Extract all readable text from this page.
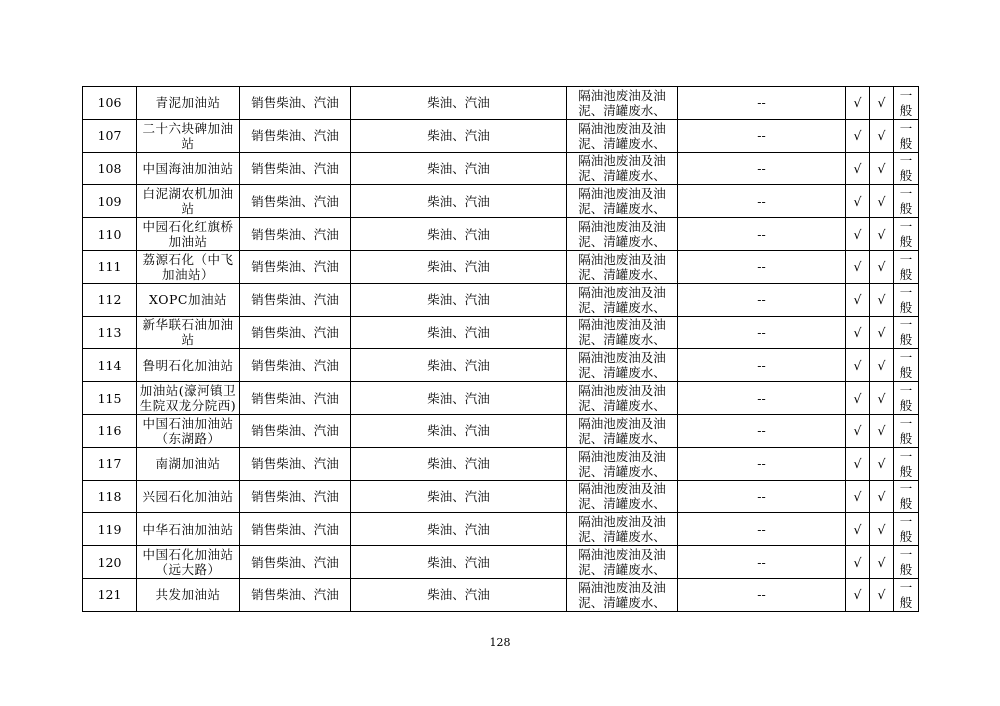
106	青泥加油站	销售柴油、汽油	柴油、汽油	隔油池废油及油泥、清罐废水、	--	√	√	一般
107	二十六块碑加油站	销售柴油、汽油	柴油、汽油	隔油池废油及油泥、清罐废水、	--	√	√	一般
108	中国海油加油站	销售柴油、汽油	柴油、汽油	隔油池废油及油泥、清罐废水、	--	√	√	一般
109	白泥湖农机加油站	销售柴油、汽油	柴油、汽油	隔油池废油及油泥、清罐废水、	--	√	√	一般
110	中园石化红旗桥加油站	销售柴油、汽油	柴油、汽油	隔油池废油及油泥、清罐废水、	--	√	√	一般
111	荔源石化（中飞加油站）	销售柴油、汽油	柴油、汽油	隔油池废油及油泥、清罐废水、	--	√	√	一般
112	XOPC加油站	销售柴油、汽油	柴油、汽油	隔油池废油及油泥、清罐废水、	--	√	√	一般
113	新华联石油加油站	销售柴油、汽油	柴油、汽油	隔油池废油及油泥、清罐废水、	--	√	√	一般
114	鲁明石化加油站	销售柴油、汽油	柴油、汽油	隔油池废油及油泥、清罐废水、	--	√	√	一般
115	加油站(濠河镇卫生院双龙分院西)	销售柴油、汽油	柴油、汽油	隔油池废油及油泥、清罐废水、	--	√	√	一般
116	中国石油加油站（东湖路）	销售柴油、汽油	柴油、汽油	隔油池废油及油泥、清罐废水、	--	√	√	一般
117	南湖加油站	销售柴油、汽油	柴油、汽油	隔油池废油及油泥、清罐废水、	--	√	√	一般
118	兴园石化加油站	销售柴油、汽油	柴油、汽油	隔油池废油及油泥、清罐废水、	--	√	√	一般
119	中华石油加油站	销售柴油、汽油	柴油、汽油	隔油池废油及油泥、清罐废水、	--	√	√	一般
120	中国石化加油站（远大路）	销售柴油、汽油	柴油、汽油	隔油池废油及油泥、清罐废水、	--	√	√	一般
121	共发加油站	销售柴油、汽油	柴油、汽油	隔油池废油及油泥、清罐废水、	--	√	√	一般
128
